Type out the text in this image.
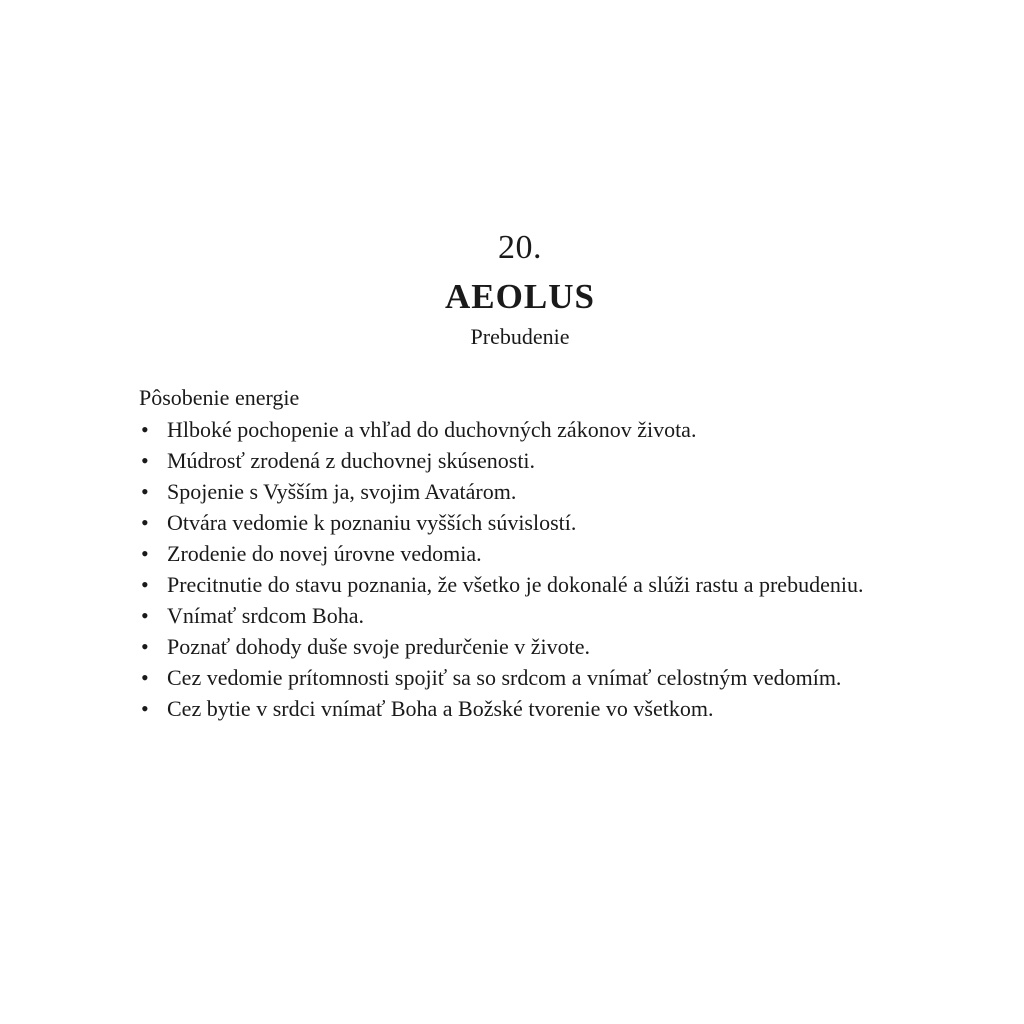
20.
AEOLUS
Prebudenie
Pôsobenie energie
• Hlboké pochopenie a vhľad do duchovných zákonov života.
• Múdrosť zrodená z duchovnej skúsenosti.
• Spojenie s Vyšším ja, svojim Avatárom.
• Otvára vedomie k poznaniu vyšších súvislostí.
• Zrodenie do novej úrovne vedomia.
• Precitnutie do stavu poznania, že všetko je dokonalé a slúži rastu a prebudeniu.
• Vnímať srdcom Boha.
• Poznať dohody duše svoje predurčenie v živote.
• Cez vedomie prítomnosti spojiť sa so srdcom a vnímať celostným vedomím.
• Cez bytie v srdci vnímať Boha a Božské tvorenie vo všetkom.
